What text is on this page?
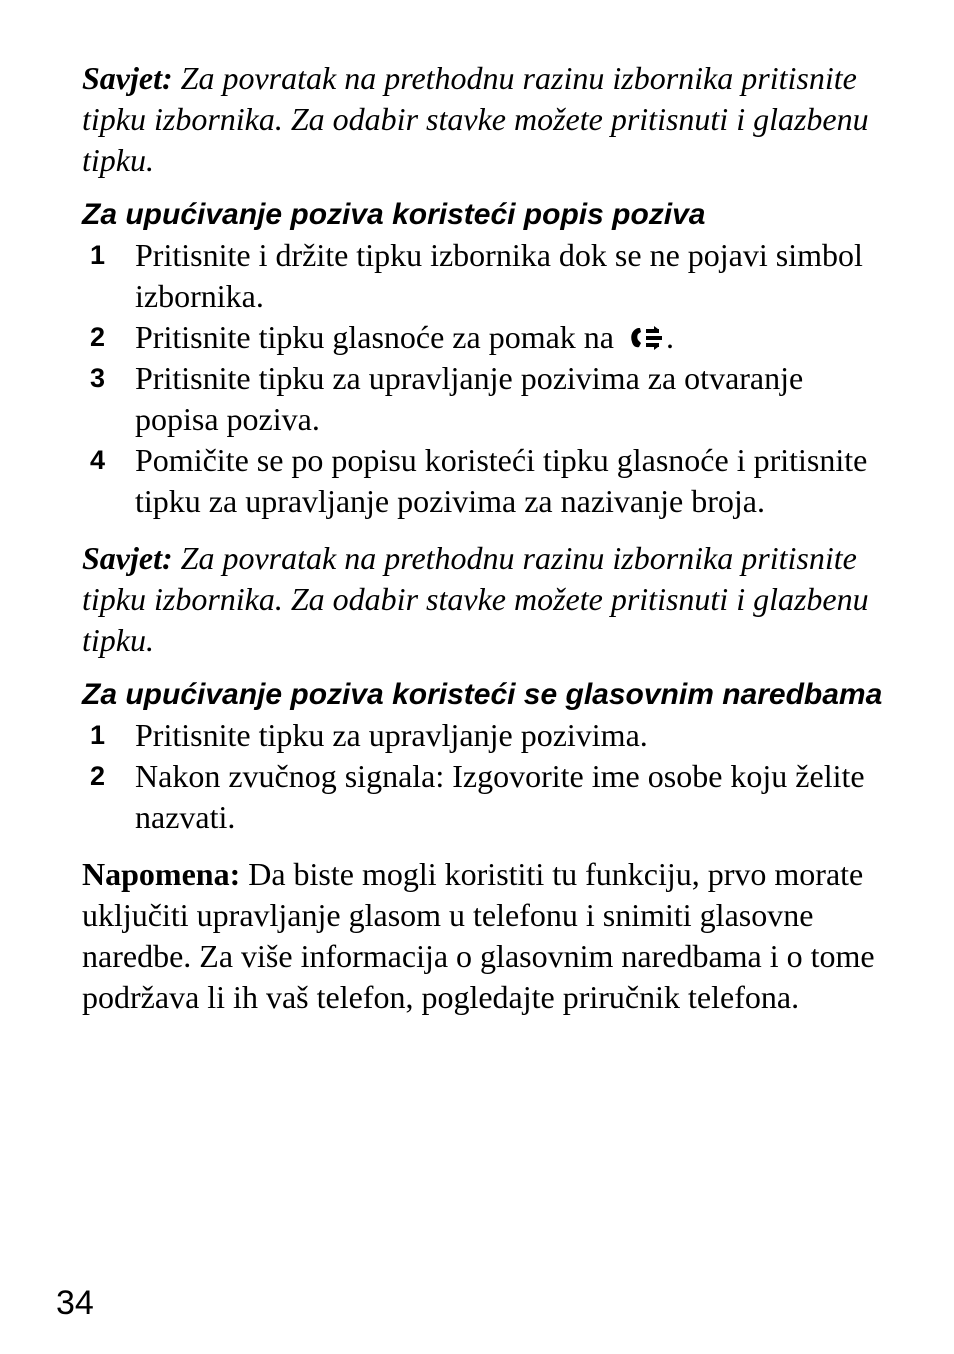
Savjet: Za povratak na prethodnu razinu izbornika pritisnite tipku izbornika. Za odabir stavke možete pritisnuti i glazbenu tipku.

Za upućivanje poziva koristeći popis poziva
1 Pritisnite i držite tipku izbornika dok se ne pojavi simbol izbornika.
2 Pritisnite tipku glasnoće za pomak na .
3 Pritisnite tipku za upravljanje pozivima za otvaranje popisa poziva.
4 Pomičite se po popisu koristeći tipku glasnoće i pritisnite tipku za upravljanje pozivima za nazivanje broja.

Savjet: Za povratak na prethodnu razinu izbornika pritisnite tipku izbornika. Za odabir stavke možete pritisnuti i glazbenu tipku.

Za upućivanje poziva koristeći se glasovnim naredbama
1 Pritisnite tipku za upravljanje pozivima.
2 Nakon zvučnog signala: Izgovorite ime osobe koju želite nazvati.

Napomena: Da biste mogli koristiti tu funkciju, prvo morate uključiti upravljanje glasom u telefonu i snimiti glasovne naredbe. Za više informacija o glasovnim naredbama i o tome podržava li ih vaš telefon, pogledajte priručnik telefona.

34
